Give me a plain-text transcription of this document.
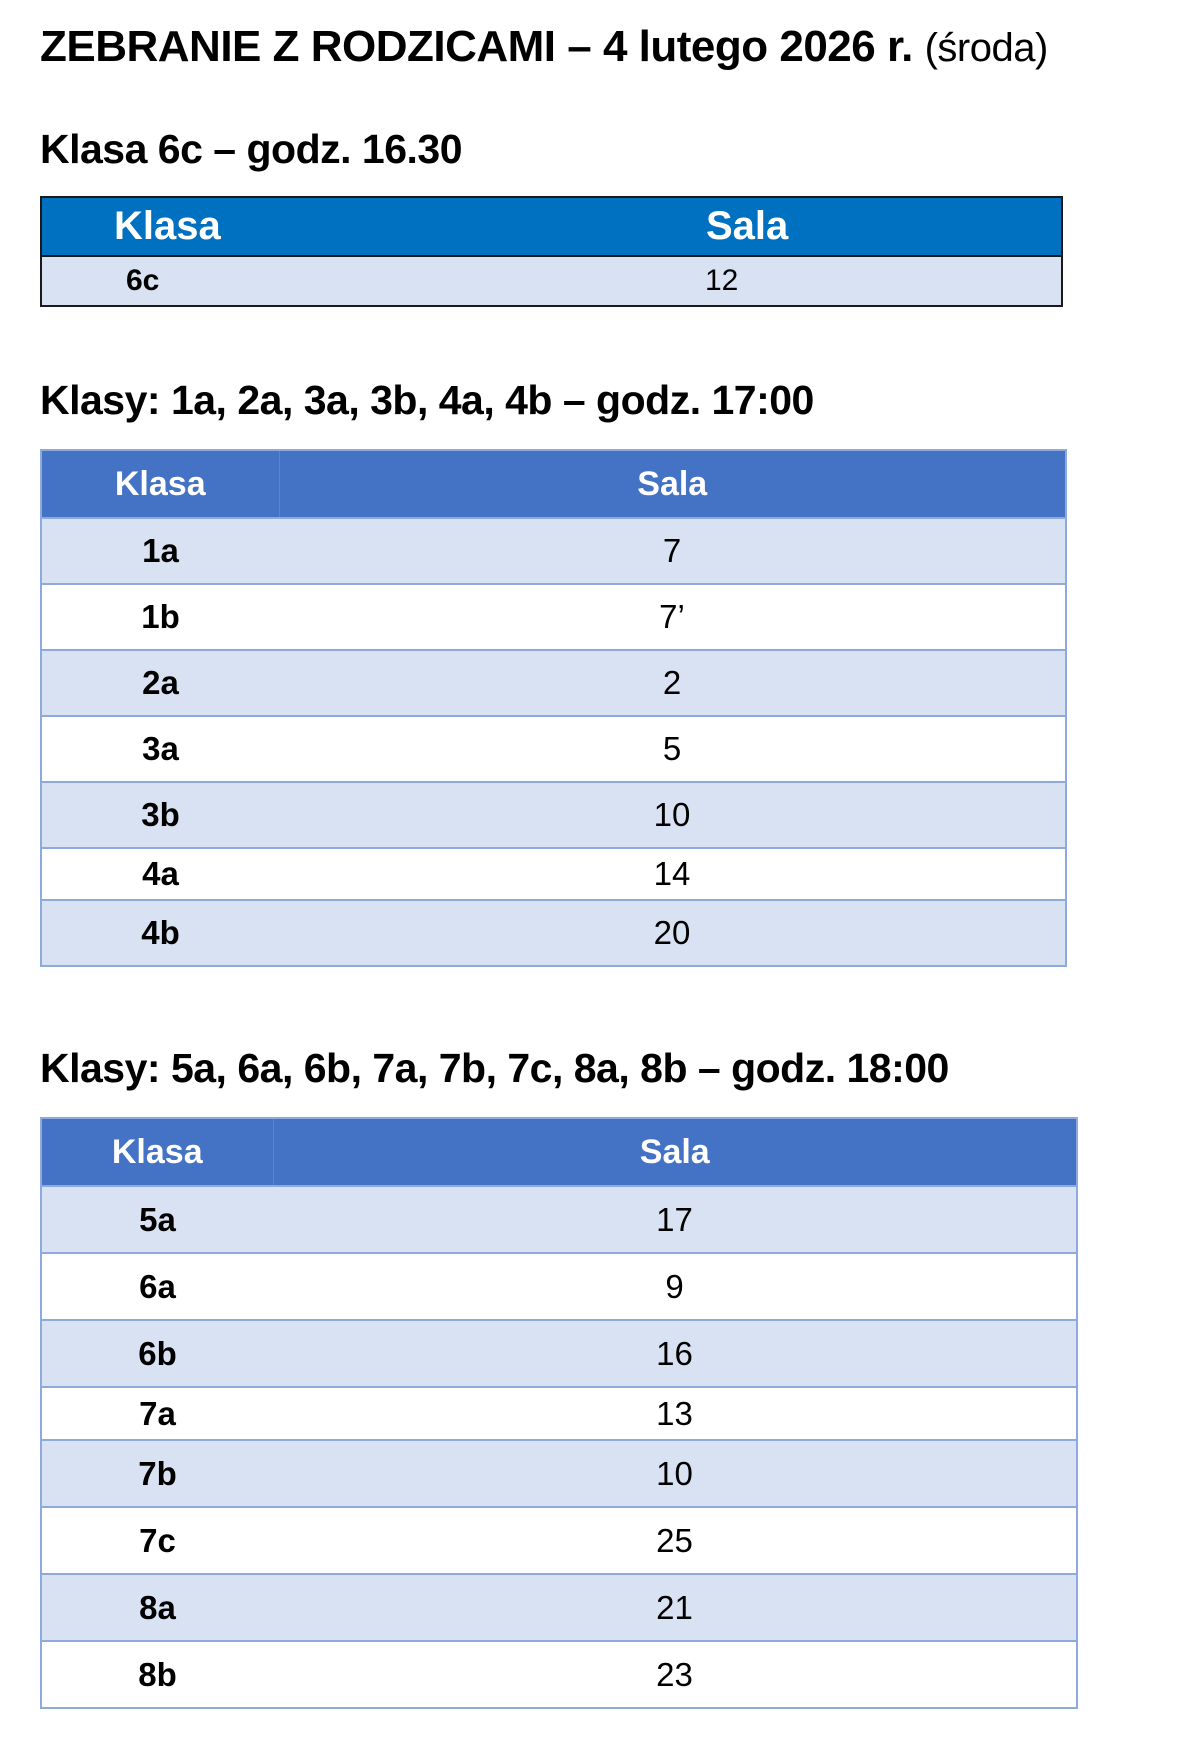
ZEBRANIE Z RODZICAMI – 4 lutego 2026 r. (środa)
Klasa 6c – godz. 16.30
Klasa	Sala
6c	12
Klasy: 1a, 2a, 3a, 3b, 4a, 4b – godz. 17:00
Klasa	Sala
1a	7
1b	7’
2a	2
3a	5
3b	10
4a	14
4b	20
Klasy: 5a, 6a, 6b, 7a, 7b, 7c, 8a, 8b – godz. 18:00
Klasa	Sala
5a	17
6a	9
6b	16
7a	13
7b	10
7c	25
8a	21
8b	23
